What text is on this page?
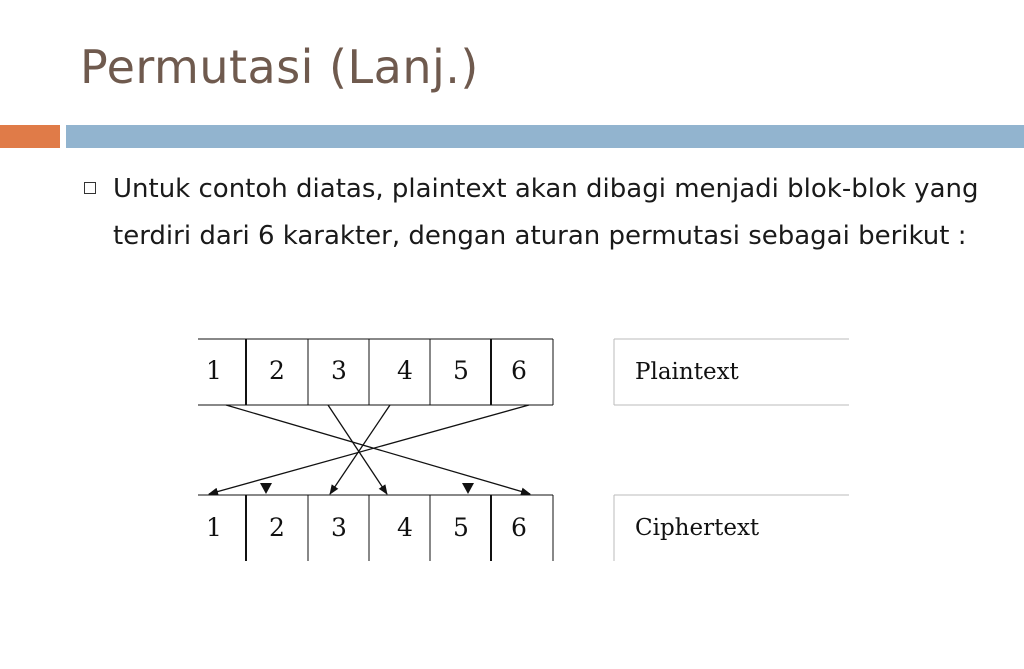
Permutasi (Lanj.)
Untuk contoh diatas, plaintext akan dibagi menjadi blok-blok yang terdiri dari 6 karakter, dengan aturan permutasi sebagai berikut :
1 2 3 4 5 6	Plaintext
1 2 3 4 5 6	Ciphertext
